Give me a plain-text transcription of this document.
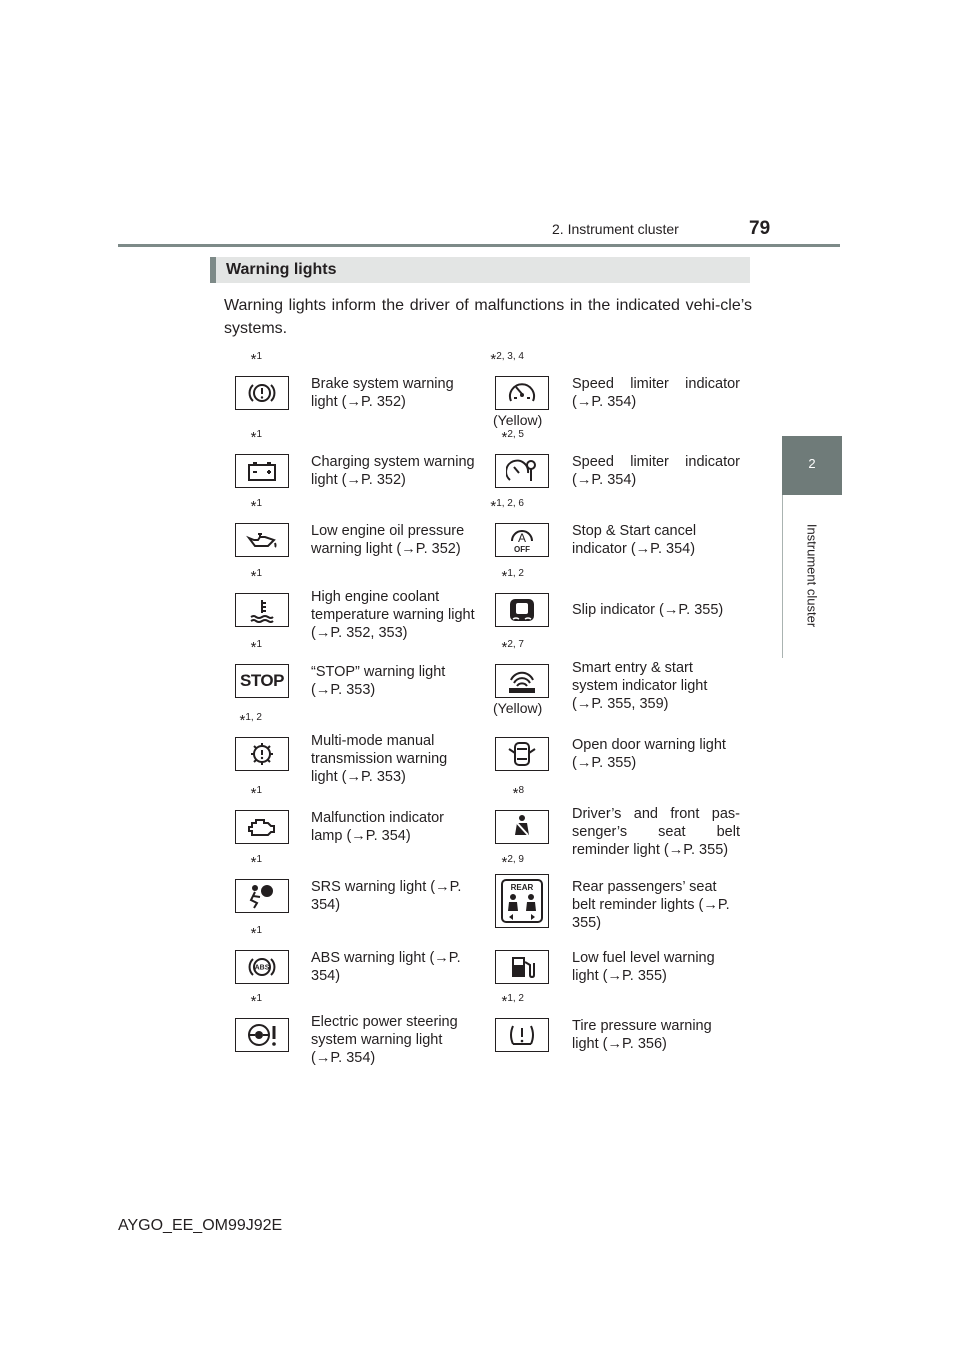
2. Instrument cluster	79
2
Instrument cluster
Warning lights
Warning lights inform the driver of malfunctions in the indicated vehi-cle’s systems.
*$^1$
Brake system warning light (→P. 352)
*$^{2, 3, 4}$
(Yellow)
Speed limiter indicator (→P. 354)
*$^1$
Charging system warning light (→P. 352)
*$^{2, 5}$
Speed limiter indicator (→P. 354)
*$^1$
Low engine oil pressure warning light (→P. 352)
*$^{1, 2, 6}$
A
OFF
Stop & Start cancel indicator (→P. 354)
*$^1$
High engine coolant temperature warning light (→P. 352, 353)
*$^{1, 2}$
Slip indicator (→P. 355)
*$^1$
STOP “STOP” warning light (→P. 353)
*$^{2, 7}$
(Yellow)
Smart entry & start system indicator light (→P. 355, 359)
*$^{1, 2}$
Multi-mode manual transmission warning light (→P. 353)
Open door warning light (→P. 355)
*$^1$
Malfunction indicator lamp (→P. 354)
*$^8$
Driver’s and front pas-senger’s seat belt reminder light (→P. 355)
*$^1$
SRS warning light (→P. 354)
*$^{2, 9}$
REAR	Rear passengers’ seat belt reminder lights (→P. 355)
*$^1$
ABS
ABS warning light (→P. 354)
Low fuel level warning light (→P. 355)
*$^1$
Electric power steering system warning light (→P. 354)
*$^{1, 2}$
Tire pressure warning light (→P. 356)
AYGO_EE_OM99J92E
